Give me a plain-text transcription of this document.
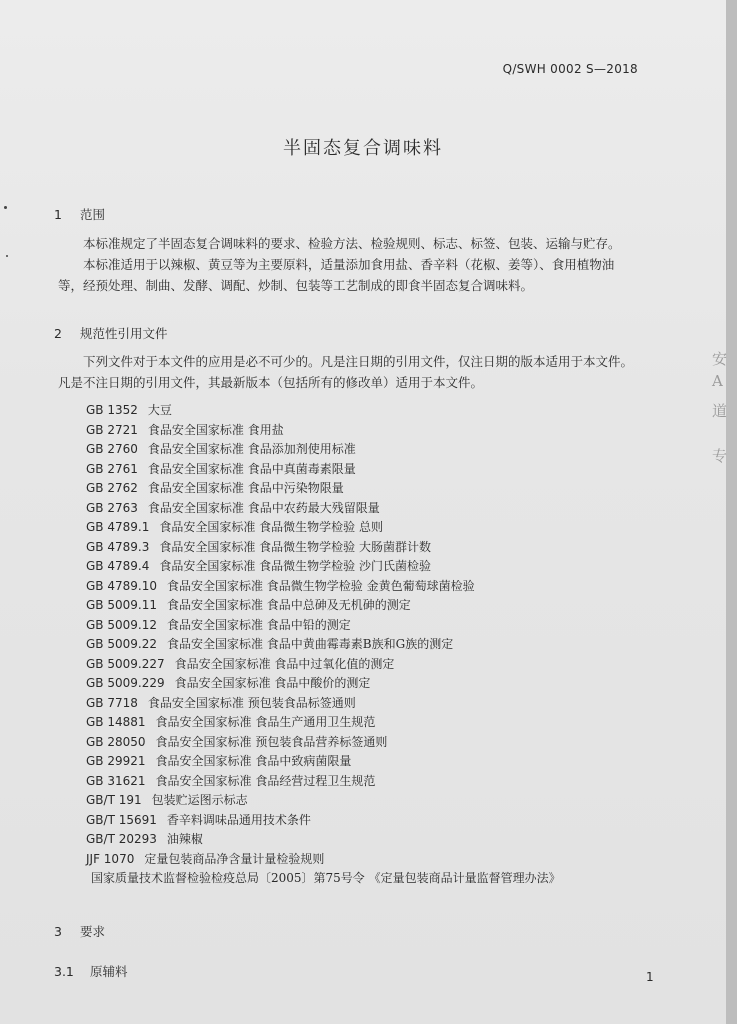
Q/SWH 0002 S—2018
半固态复合调味料
1 范围
本标准规定了半固态复合调味料的要求、检验方法、检验规则、标志、标签、包装、运输与贮存。
本标准适用于以辣椒、黄豆等为主要原料，适量添加食用盐、香辛料（花椒、姜等）、食用植物油
等，经预处理、制曲、发酵、调配、炒制、包装等工艺制成的即食半固态复合调味料。
2 规范性引用文件
下列文件对于本文件的应用是必不可少的。凡是注日期的引用文件，仅注日期的版本适用于本文件。
凡是不注日期的引用文件，其最新版本（包括所有的修改单）适用于本文件。
GB 1352 大豆
GB 2721 食品安全国家标准 食用盐
GB 2760 食品安全国家标准 食品添加剂使用标准
GB 2761 食品安全国家标准 食品中真菌毒素限量
GB 2762 食品安全国家标准 食品中污染物限量
GB 2763 食品安全国家标准 食品中农药最大残留限量
GB 4789.1 食品安全国家标准 食品微生物学检验 总则
GB 4789.3 食品安全国家标准 食品微生物学检验 大肠菌群计数
GB 4789.4 食品安全国家标准 食品微生物学检验 沙门氏菌检验
GB 4789.10 食品安全国家标准 食品微生物学检验 金黄色葡萄球菌检验
GB 5009.11 食品安全国家标准 食品中总砷及无机砷的测定
GB 5009.12 食品安全国家标准 食品中铅的测定
GB 5009.22 食品安全国家标准 食品中黄曲霉毒素B族和G族的测定
GB 5009.227 食品安全国家标准 食品中过氧化值的测定
GB 5009.229 食品安全国家标准 食品中酸价的测定
GB 7718 食品安全国家标准 预包装食品标签通则
GB 14881 食品安全国家标准 食品生产通用卫生规范
GB 28050 食品安全国家标准 预包装食品营养标签通则
GB 29921 食品安全国家标准 食品中致病菌限量
GB 31621 食品安全国家标准 食品经营过程卫生规范
GB/T 191 包装贮运图示标志
GB/T 15691 香辛料调味品通用技术条件
GB/T 20293 油辣椒
JJF 1070 定量包装商品净含量计量检验规则
国家质量技术监督检验检疫总局〔2005〕第75号令 《定量包装商品计量监督管理办法》
3 要求
3.1 原辅料	1
安
A
道
专
